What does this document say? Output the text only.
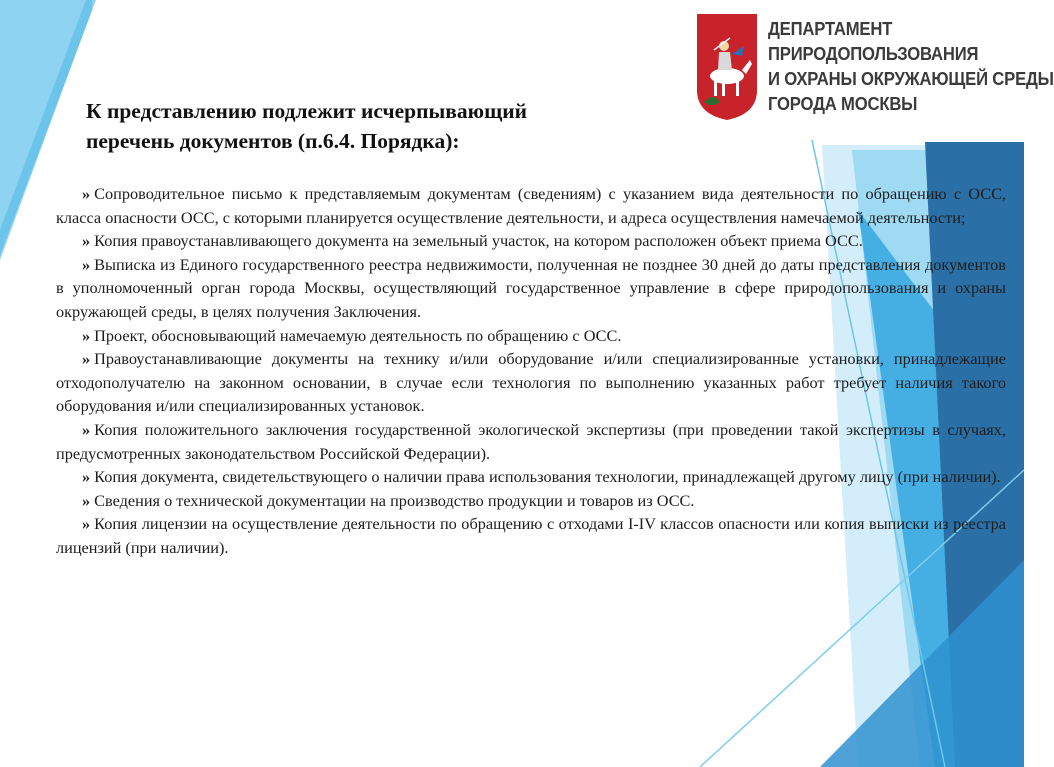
ДЕПАРТАМЕНТ
ПРИРОДОПОЛЬЗОВАНИЯ
И ОХРАНЫ ОКРУЖАЮЩЕЙ СРЕДЫ
ГОРОДА МОСКВЫ
К представлению подлежит исчерпывающий
перечень документов (п.6.4. Порядка):
» Сопроводительное письмо к представляемым документам (сведениям) с указанием вида деятельности по обращению с ОСС, класса опасности ОСС, с которыми планируется осуществление деятельности, и адреса осуществления намечаемой деятельности;
» Копия правоустанавливающего документа на земельный участок, на котором расположен объект приема ОСС.
» Выписка из Единого государственного реестра недвижимости, полученная не позднее 30 дней до даты представления документов в уполномоченный орган города Москвы, осуществляющий государственное управление в сфере природопользования и охраны окружающей среды, в целях получения Заключения.
» Проект, обосновывающий намечаемую деятельность по обращению с ОСС.
» Правоустанавливающие документы на технику и/или оборудование и/или специализированные установки, принадлежащие отходополучателю на законном основании, в случае если технология по выполнению указанных работ требует наличия такого оборудования и/или специализированных установок.
» Копия положительного заключения государственной экологической экспертизы (при проведении такой экспертизы в случаях, предусмотренных законодательством Российской Федерации).
» Копия документа, свидетельствующего о наличии права использования технологии, принадлежащей другому лицу (при наличии).
» Сведения о технической документации на производство продукции и товаров из ОСС.
» Копия лицензии на осуществление деятельности по обращению с отходами I-IV классов опасности или копия выписки из реестра лицензий (при наличии).
